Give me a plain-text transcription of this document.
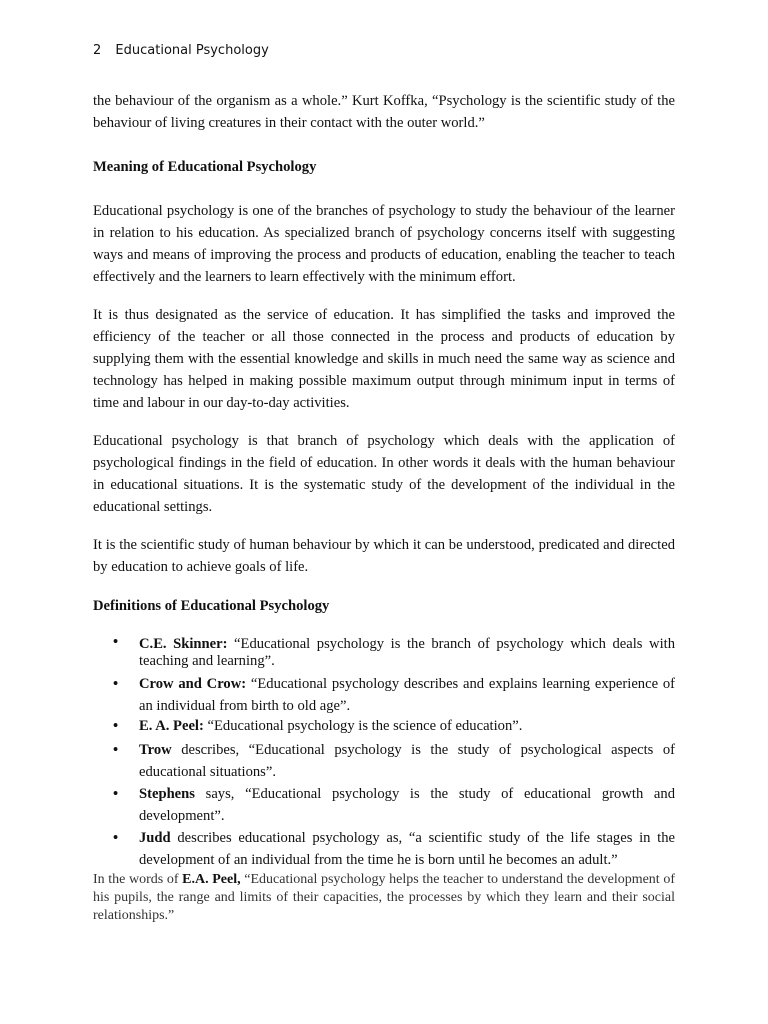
2 Educational Psychology

the behaviour of the organism as a whole.” Kurt Koffka, “Psychology is the scientific study of the behaviour of living creatures in their contact with the outer world.”

Meaning of Educational Psychology

Educational psychology is one of the branches of psychology to study the behaviour of the learner in relation to his education. As specialized branch of psychology concerns itself with suggesting ways and means of improving the process and products of education, enabling the teacher to teach effectively and the learners to learn effectively with the minimum effort.

It is thus designated as the service of education. It has simplified the tasks and improved the efficiency of the teacher or all those connected in the process and products of education by supplying them with the essential knowledge and skills in much need the same way as science and technology has helped in making possible maximum output through minimum input in terms of time and labour in our day-to-day activities.

Educational psychology is that branch of psychology which deals with the application of psychological findings in the field of education. In other words it deals with the human behaviour in educational situations. It is the systematic study of the development of the individual in the educational settings.

It is the scientific study of human behaviour by which it can be understood, predicated and directed by education to achieve goals of life.

Definitions of Educational Psychology

• C.E. Skinner: “Educational psychology is the branch of psychology which deals with teaching and learning”.
• Crow and Crow: “Educational psychology describes and explains learning experience of an individual from birth to old age”.
• E. A. Peel: “Educational psychology is the science of education”.
• Trow describes, “Educational psychology is the study of psychological aspects of educational situations”.
• Stephens says, “Educational psychology is the study of educational growth and development”.
• Judd describes educational psychology as, “a scientific study of the life stages in the development of an individual from the time he is born until he becomes an adult.”

In the words of E.A. Peel, “Educational psychology helps the teacher to understand the development of his pupils, the range and limits of their capacities, the processes by which they learn and their social relationships.”
